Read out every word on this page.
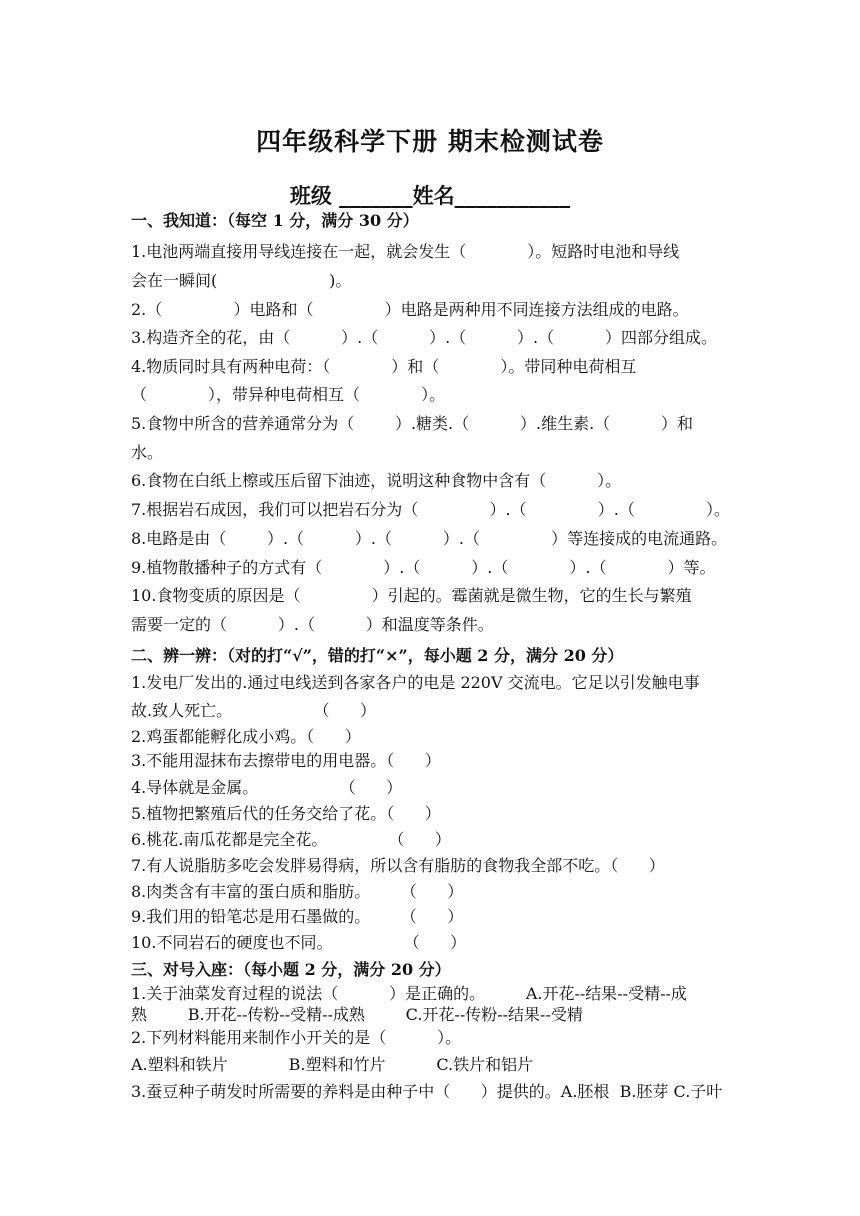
四年级科学下册 期末检测试卷
班级 _______姓名___________
一、我知道：（每空 1 分，满分 30 分）
1.电池两端直接用导线连接在一起，就会发生（            ）。短路时电池和导线
会在一瞬间(                      )。
2.（              ）电路和（              ）电路是两种用不同连接方法组成的电路。
3.构造齐全的花，由（          ）.（          ）.（          ）.（          ）四部分组成。
4.物质同时具有两种电荷：（            ）和（            ）。带同种电荷相互
（            ），带异种电荷相互（            ）。
5.食物中所含的营养通常分为（        ）.糖类.（          ）.维生素.（          ）和
水。
6.食物在白纸上檫或压后留下油迹，说明这种食物中含有（          ）。
7.根据岩石成因，我们可以把岩石分为（              ）.（              ）.（              ）。
8.电路是由（        ）.（          ）.（          ）.（              ）等连接成的电流通路。
9.植物散播种子的方式有（            ）.（          ）.（            ）.（            ）等。
10.食物变质的原因是（              ）引起的。霉菌就是微生物，它的生长与繁殖
需要一定的（          ）.（          ）和温度等条件。
二、辨一辨：（对的打“√”，错的打“×”，每小题 2 分，满分 20 分）
1.发电厂发出的.通过电线送到各家各户的电是 220V 交流电。它足以引发触电事
故.致人死亡。                （      ）
2.鸡蛋都能孵化成小鸡。（      ）
3.不能用湿抹布去擦带电的用电器。（      ）
4.导体就是金属。                （      ）
5.植物把繁殖后代的任务交给了花。（      ）
6.桃花.南瓜花都是完全花。            （      ）
7.有人说脂肪多吃会发胖易得病，所以含有脂肪的食物我全部不吃。（      ）
8.肉类含有丰富的蛋白质和脂肪。      （      ）
9.我们用的铅笔芯是用石墨做的。      （      ）
10.不同岩石的硬度也不同。              （      ）
三、对号入座：（每小题 2 分，满分 20 分）
1.关于油菜发育过程的说法（          ）是正确的。        A.开花--结果--受精--成
熟        B.开花--传粉--受精--成熟        C.开花--传粉--结果--受精
2.下列材料能用来制作小开关的是（          ）。
A.塑料和铁片            B.塑料和竹片          C.铁片和铝片
3.蚕豆种子萌发时所需要的养料是由种子中（      ）提供的。A.胚根  B.胚芽 C.子叶
